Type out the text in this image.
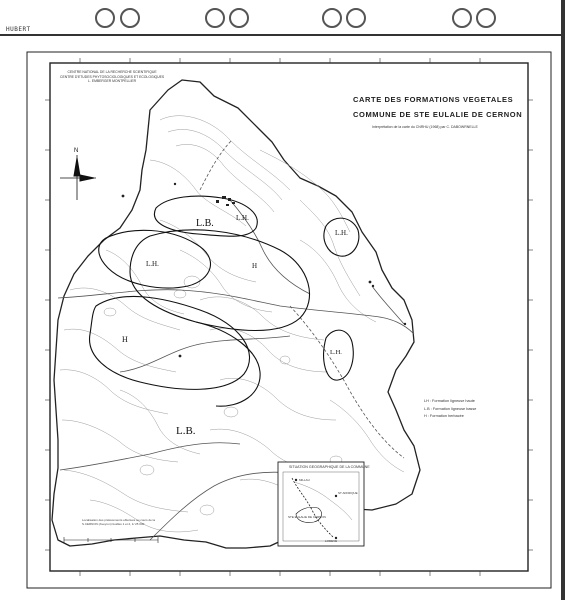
HUBERT
L.H.
L.B.
L.H.
L.H.
H
L.B.
L.H.
H
N
MILLAU
STE EULALIE DE CERNON
ST AFFRIQUE
LODEVE
CARTE DES FORMATIONS VEGETALES
COMMUNE DE STE EULALIE DE CERNON
Interprétation de la carte du CNRHU (1968) par C. DABOWRNELLE
CENTRE NATIONAL DE LA RECHERCHE SCIENTIFIQUE
CENTRE D'ETUDES PHYTOSOCIOLOGIQUES ET ECOLOGIQUES
L. EMBERGER MONTPELLIER
LH : Formation ligneuse haute
L.B : Formation ligneuse basse
H : Formation herbacée
SITUATION GEOGRAPHIQUE DE LA COMMUNE
Localisation des prélèvements effectués au cours de la
S.CERNON (Aveyron) feuilles 1 et 2, 1/ 25 000
